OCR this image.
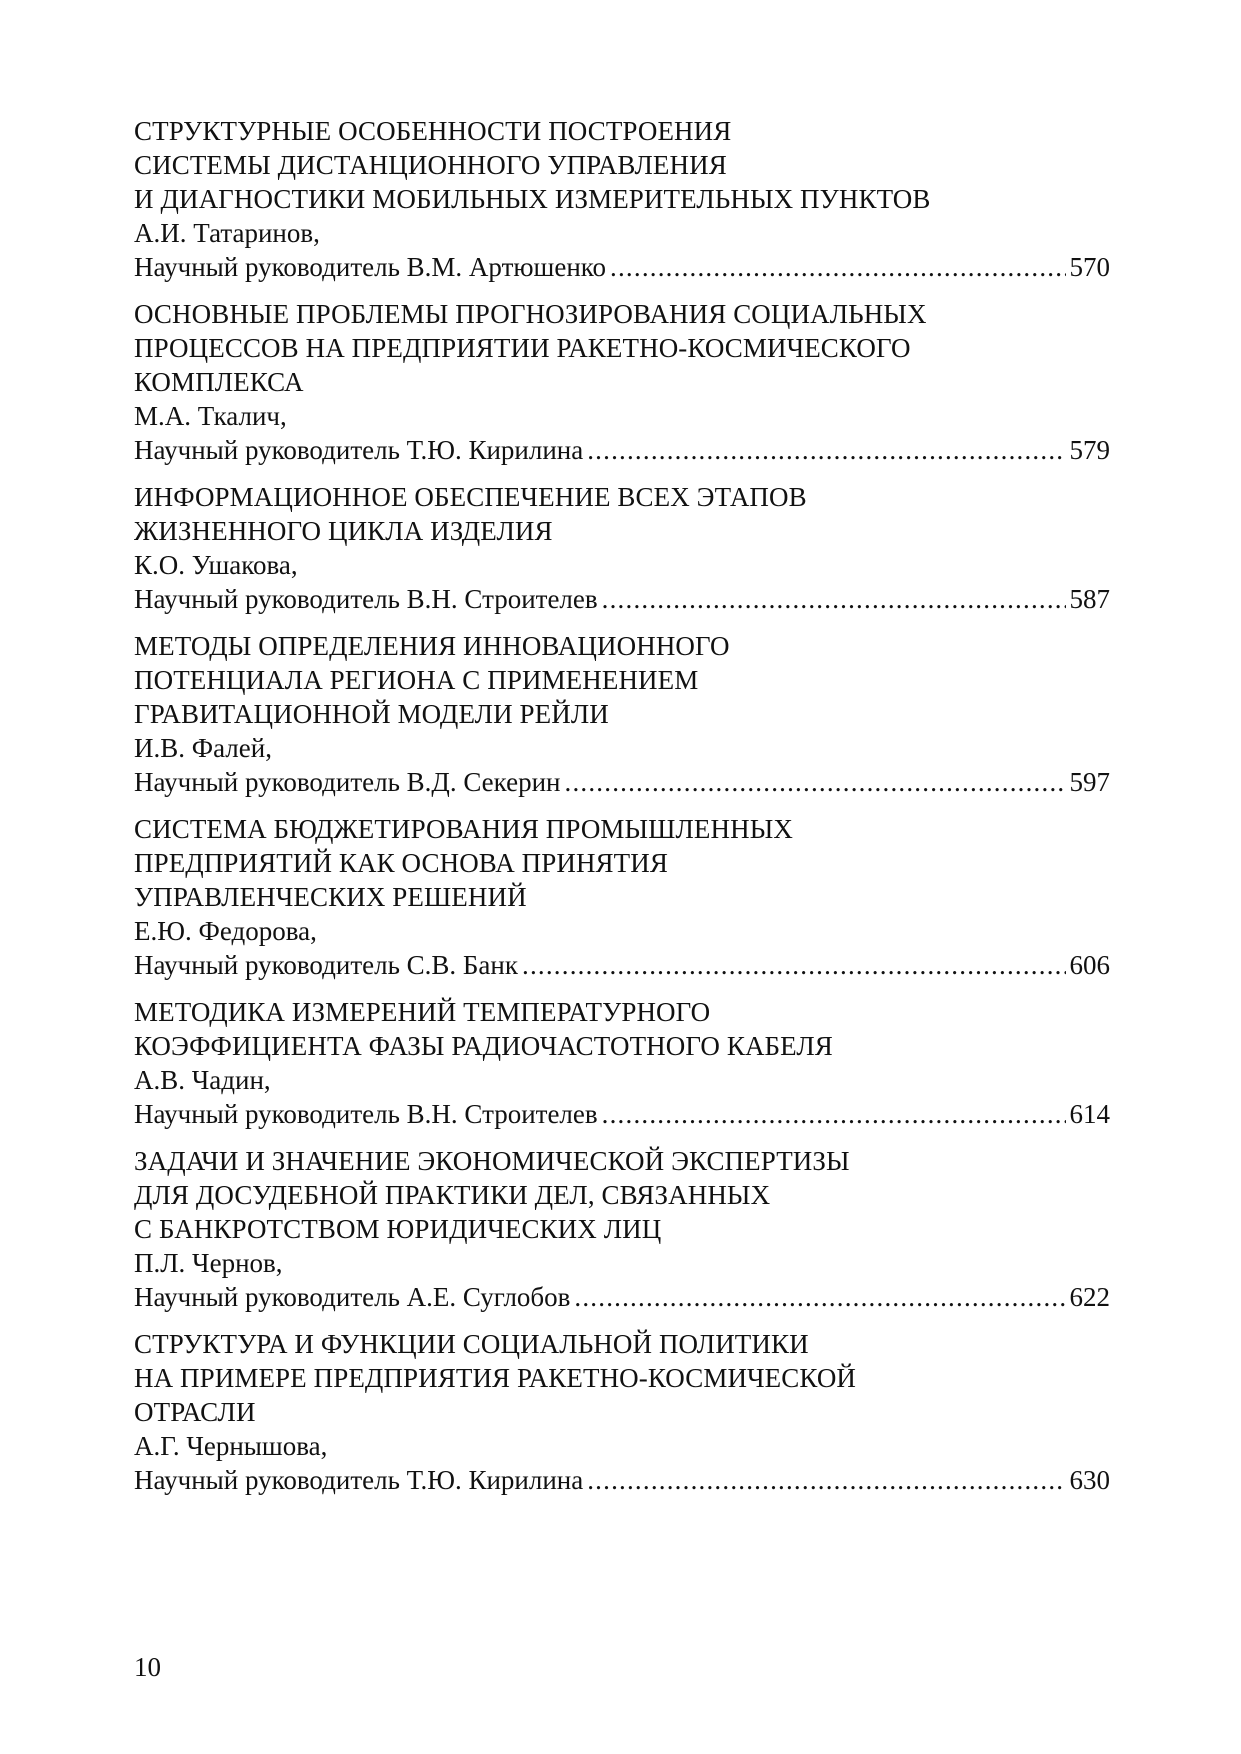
СТРУКТУРНЫЕ ОСОБЕННОСТИ ПОСТРОЕНИЯ
СИСТЕМЫ ДИСТАНЦИОННОГО УПРАВЛЕНИЯ
И ДИАГНОСТИКИ МОБИЛЬНЫХ ИЗМЕРИТЕЛЬНЫХ ПУНКТОВ
А.И. Татаринов,
Научный руководитель В.М. Артюшенко .....	570
ОСНОВНЫЕ ПРОБЛЕМЫ ПРОГНОЗИРОВАНИЯ СОЦИАЛЬНЫХ
ПРОЦЕССОВ НА ПРЕДПРИЯТИИ РАКЕТНО-КОСМИЧЕСКОГО
КОМПЛЕКСА
М.А. Ткалич,
Научный руководитель Т.Ю. Кирилина .....	579
ИНФОРМАЦИОННОЕ ОБЕСПЕЧЕНИЕ ВСЕХ ЭТАПОВ
ЖИЗНЕННОГО ЦИКЛА ИЗДЕЛИЯ
К.О. Ушакова,
Научный руководитель В.Н. Строителев .....	587
МЕТОДЫ ОПРЕДЕЛЕНИЯ ИННОВАЦИОННОГО
ПОТЕНЦИАЛА РЕГИОНА С ПРИМЕНЕНИЕМ
ГРАВИТАЦИОННОЙ МОДЕЛИ РЕЙЛИ
И.В. Фалей,
Научный руководитель В.Д. Секерин .....	597
СИСТЕМА БЮДЖЕТИРОВАНИЯ ПРОМЫШЛЕННЫХ
ПРЕДПРИЯТИЙ КАК ОСНОВА ПРИНЯТИЯ
УПРАВЛЕНЧЕСКИХ РЕШЕНИЙ
Е.Ю. Федорова,
Научный руководитель С.В. Банк .....	606
МЕТОДИКА ИЗМЕРЕНИЙ ТЕМПЕРАТУРНОГО
КОЭФФИЦИЕНТА ФАЗЫ РАДИОЧАСТОТНОГО КАБЕЛЯ
А.В. Чадин,
Научный руководитель В.Н. Строителев .....	614
ЗАДАЧИ И ЗНАЧЕНИЕ ЭКОНОМИЧЕСКОЙ ЭКСПЕРТИЗЫ
ДЛЯ ДОСУДЕБНОЙ ПРАКТИКИ ДЕЛ, СВЯЗАННЫХ
С БАНКРОТСТВОМ ЮРИДИЧЕСКИХ ЛИЦ
П.Л. Чернов,
Научный руководитель А.Е. Суглобов .....	622
СТРУКТУРА И ФУНКЦИИ СОЦИАЛЬНОЙ ПОЛИТИКИ
НА ПРИМЕРЕ ПРЕДПРИЯТИЯ РАКЕТНО-КОСМИЧЕСКОЙ
ОТРАСЛИ
А.Г. Чернышова,
Научный руководитель Т.Ю. Кирилина .....	630
10
